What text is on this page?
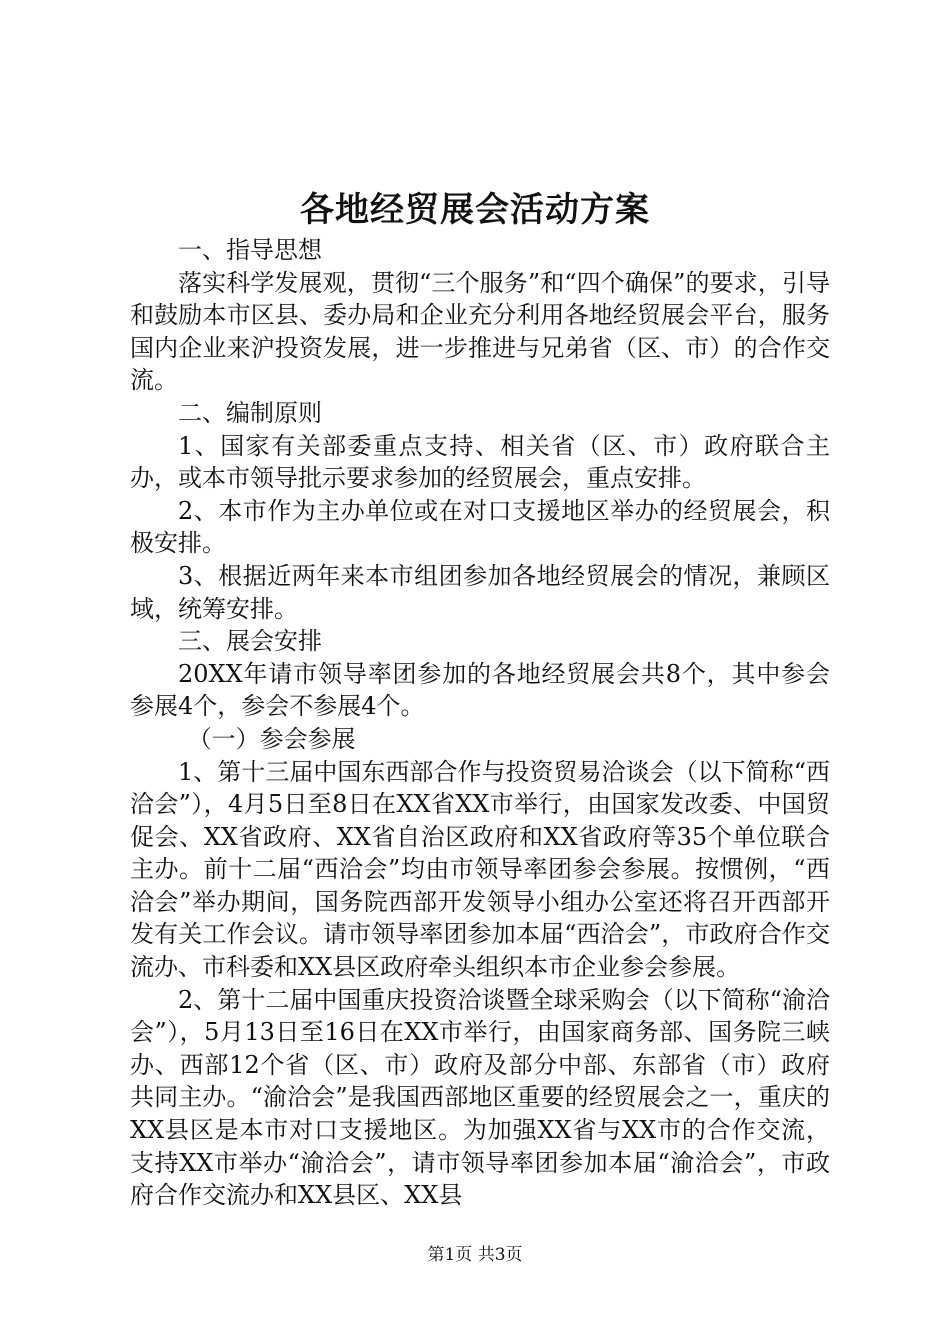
各地经贸展会活动方案

一、指导思想

落实科学发展观，贯彻“三个服务”和“四个确保”的要求，引导和鼓励本市区县、委办局和企业充分利用各地经贸展会平台，服务国内企业来沪投资发展，进一步推进与兄弟省（区、市）的合作交流。

二、编制原则

1、国家有关部委重点支持、相关省（区、市）政府联合主办，或本市领导批示要求参加的经贸展会，重点安排。

2、本市作为主办单位或在对口支援地区举办的经贸展会，积极安排。

3、根据近两年来本市组团参加各地经贸展会的情况，兼顾区域，统筹安排。

三、展会安排

20XX年请市领导率团参加的各地经贸展会共8个，其中参会参展4个，参会不参展4个。

（一）参会参展

1、第十三届中国东西部合作与投资贸易洽谈会（以下简称“西洽会”），4月5日至8日在XX省XX市举行，由国家发改委、中国贸促会、XX省政府、XX省自治区政府和XX省政府等35个单位联合主办。前十二届“西洽会”均由市领导率团参会参展。按惯例，“西洽会”举办期间，国务院西部开发领导小组办公室还将召开西部开发有关工作会议。请市领导率团参加本届“西洽会”，市政府合作交流办、市科委和XX县区政府牵头组织本市企业参会参展。

2、第十二届中国重庆投资洽谈暨全球采购会（以下简称“渝洽会”），5月13日至16日在XX市举行，由国家商务部、国务院三峡办、西部12个省（区、市）政府及部分中部、东部省（市）政府共同主办。“渝洽会”是我国西部地区重要的经贸展会之一，重庆的XX县区是本市对口支援地区。为加强XX省与XX市的合作交流，支持XX市举办“渝洽会”，请市领导率团参加本届“渝洽会”，市政府合作交流办和XX县区、XX县

第1页 共3页
